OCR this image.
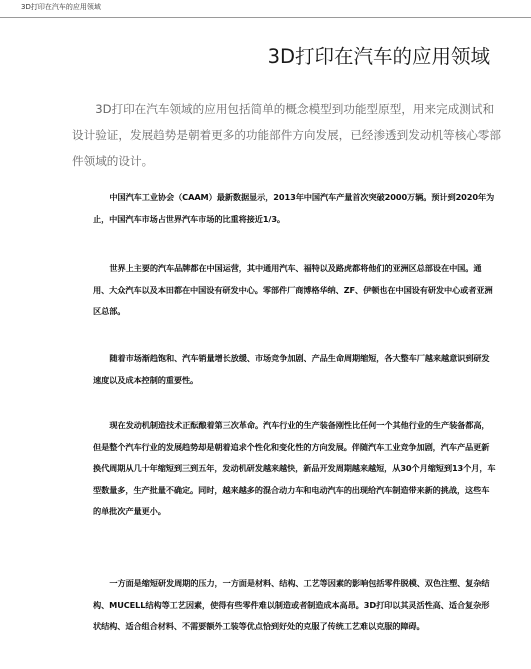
3D打印在汽车的应用领域
3D打印在汽车的应用领域
3D打印在汽车领域的应用包括简单的概念模型到功能型原型，用来完成测试和设计验证，发展趋势是朝着更多的功能部件方向发展，已经渗透到发动机等核心零部件领域的设计。
中国汽车工业协会（CAAM）最新数据显示，2013年中国汽车产量首次突破2000万辆。预计到2020年为止，中国汽车市场占世界汽车市场的比重将接近1/3。
世界上主要的汽车品牌都在中国运营，其中通用汽车、福特以及路虎都将他们的亚洲区总部设在中国。通用、大众汽车以及本田都在中国设有研发中心。零部件厂商博格华纳、ZF、伊顿也在中国设有研发中心或者亚洲区总部。
随着市场渐趋饱和、汽车销量增长放缓、市场竞争加剧、产品生命周期缩短，各大整车厂越来越意识到研发速度以及成本控制的重要性。
现在发动机制造技术正酝酿着第三次革命。汽车行业的生产装备刚性比任何一个其他行业的生产装备都高，但是整个汽车行业的发展趋势却是朝着追求个性化和变化性的方向发展。伴随汽车工业竞争加剧，汽车产品更新换代周期从几十年缩短到三到五年，发动机研发越来越快，新品开发周期越来越短，从30个月缩短到13个月，车型数量多，生产批量不确定。同时，越来越多的混合动力车和电动汽车的出现给汽车制造带来新的挑战，这些车的单批次产量更小。
一方面是缩短研发周期的压力，一方面是材料、结构、工艺等因素的影响包括零件脱模、双色注塑、复杂结构、MUCELL结构等工艺因素，使得有些零件难以制造或者制造成本高昂。3D打印以其灵活性高、适合复杂形状结构、适合组合材料、不需要额外工装等优点恰到好处的克服了传统工艺难以克服的障碍。
